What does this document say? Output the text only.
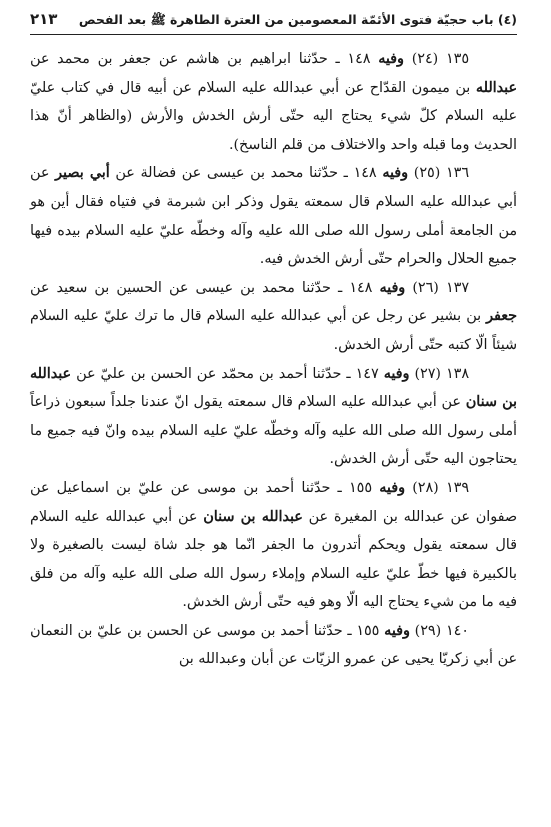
(٤) باب حجيّة فتوى الأئمّة المعصومين من العترة الطاهرة ﷺ بعد الفحص
٢١٣

١٣٥ (٢٤) وفيه ١٤٨ ـ حدّثنا ابراهيم بن هاشم عن جعفر بن محمد عن عبدالله بن ميمون القدّاح عن أبي عبدالله عليه السلام عن أبيه قال في كتاب عليّ عليه السلام كلّ شيء يحتاج اليه حتّى أرش الخدش والأرش (والظاهر أنّ هذا الحديث وما قبله واحد والاختلاف من قلم الناسخ).

١٣٦ (٢٥) وفيه ١٤٨ ـ حدّثنا محمد بن عيسى عن فضالة عن أبي بصير عن أبي عبدالله عليه السلام قال سمعته يقول وذكر ابن شبرمة في فتياه فقال أين هو من الجامعة أملى رسول الله صلى الله عليه وآله وخطّه عليّ عليه السلام بيده فيها جميع الحلال والحرام حتّى أرش الخدش فيه.

١٣٧ (٢٦) وفيه ١٤٨ ـ حدّثنا محمد بن عيسى عن الحسين بن سعيد عن جعفر بن بشير عن رجل عن أبي عبدالله عليه السلام قال ما ترك عليّ عليه السلام شيئاً الّا كتبه حتّى أرش الخدش.

١٣٨ (٢٧) وفيه ١٤٧ ـ حدّثنا أحمد بن محمّد عن الحسن بن عليّ عن عبدالله بن سنان عن أبي عبدالله عليه السلام قال سمعته يقول انّ عندنا جلداً سبعون ذراعاً أملى رسول الله صلى الله عليه وآله وخطّه عليّ عليه السلام بيده وانّ فيه جميع ما يحتاجون اليه حتّى أرش الخدش.

١٣٩ (٢٨) وفيه ١٥٥ ـ حدّثنا أحمد بن موسى عن عليّ بن اسماعيل عن صفوان عن عبدالله بن المغيرة عن عبدالله بن سنان عن أبي عبدالله عليه السلام قال سمعته يقول ويحكم أتدرون ما الجفر انّما هو جلد شاة ليست بالصغيرة ولا بالكبيرة فيها خطّ عليّ عليه السلام وإملاء رسول الله صلى الله عليه وآله من فلق فيه ما من شيء يحتاج اليه الّا وهو فيه حتّى أرش الخدش.

١٤٠ (٢٩) وفيه ١٥٥ ـ حدّثنا أحمد بن موسى عن الحسن بن عليّ بن النعمان عن أبي زكريّا يحيى عن عمرو الزيّات عن أبان وعبدالله بن
